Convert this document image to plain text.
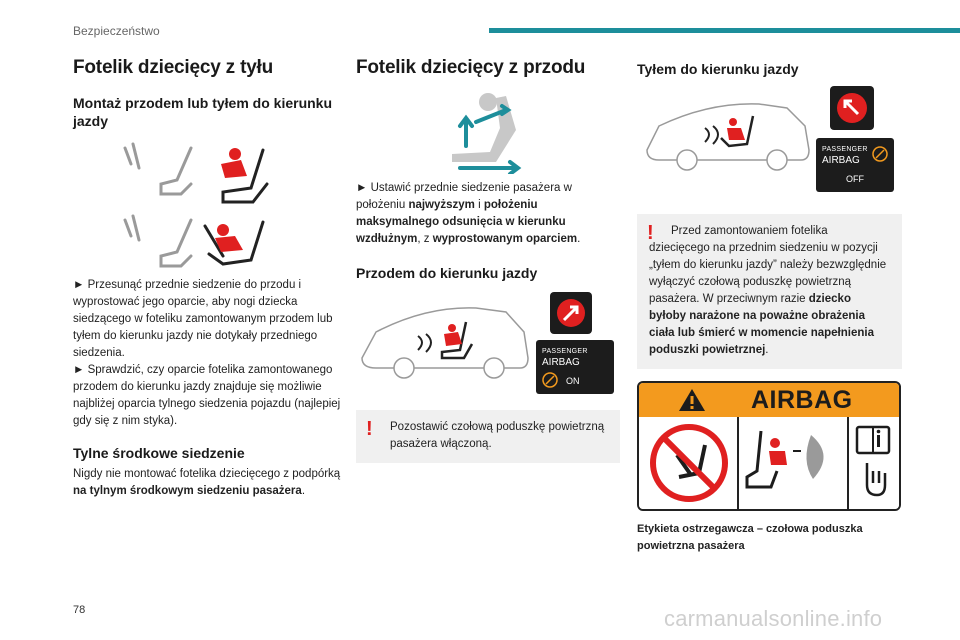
Bezpieczeństwo
Fotelik dziecięcy z tyłu
Montaż przodem lub tyłem do kierunku jazdy

► Przesunąć przednie siedzenie do przodu i wyprostować jego oparcie, aby nogi dziecka siedzącego w foteliku zamontowanym przodem lub tyłem do kierunku jazdy nie dotykały przedniego siedzenia.

► Sprawdzić, czy oparcie fotelika zamontowanego przodem do kierunku jazdy znajduje się możliwie najbliżej oparcia tylnego siedzenia pojazdu (najlepiej gdy się z nim styka).

Tylne środkowe siedzenie

Nigdy nie montować fotelika dziecięcego z podpórką na tylnym środkowym siedzeniu pasażera.

Fotelik dziecięcy z przodu

► Ustawić przednie siedzenie pasażera w położeniu najwyższym i położeniu maksymalnego odsunięcia w kierunku wzdłużnym, z wyprostowanym oparciem.

Przodem do kierunku jazdy
PASSENGER
AIRBAG
ON
! Pozostawić czołową poduszkę powietrzną pasażera włączoną.

Tyłem do kierunku jazdy
PASSENGER
AIRBAG
OFF
!	Przed zamontowaniem fotelika dziecięcego na przednim siedzeniu w pozycji „tyłem do kierunku jazdy” należy bezwzględnie wyłączyć czołową poduszkę powietrzną pasażera. W przeciwnym razie dziecko byłoby narażone na poważne obrażenia ciała lub śmierć w momencie napełnienia poduszki powietrznej.

AIRBAG

Etykieta ostrzegawcza – czołowa poduszka powietrzna pasażera

78	carmanualsonline.info
